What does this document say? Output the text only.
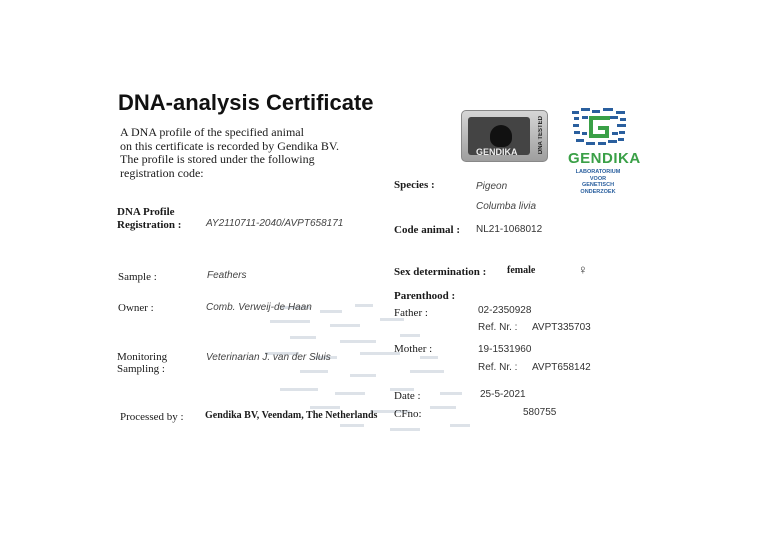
DNA-analysis Certificate
A DNA profile of the specified animal
on this certificate is recorded by Gendika BV.
The profile is stored under the following
registration code:
GENDIKA	DNA TESTED
GENDIKA
LABORATORIUM VOOR
GENETISCH ONDERZOEK
DNA Profile
Registration : AY2110711-2040/AVPT658171
Sample :	Feathers
Owner :	Comb. Verweij-de Haan
Monitoring
Sampling :
Veterinarian J. van der Sluis
Processed by : Gendika BV, Veendam, The Netherlands
Species :	Pigeon
Columba livia
Code animal : NL21-1068012
Sex determination : female	♀
Parenthood :
Father :	02-2350928
Ref. Nr. : AVPT335703
Mother :	19-1531960
Ref. Nr. : AVPT658142
Date :	25-5-2021
CFno:	580755
